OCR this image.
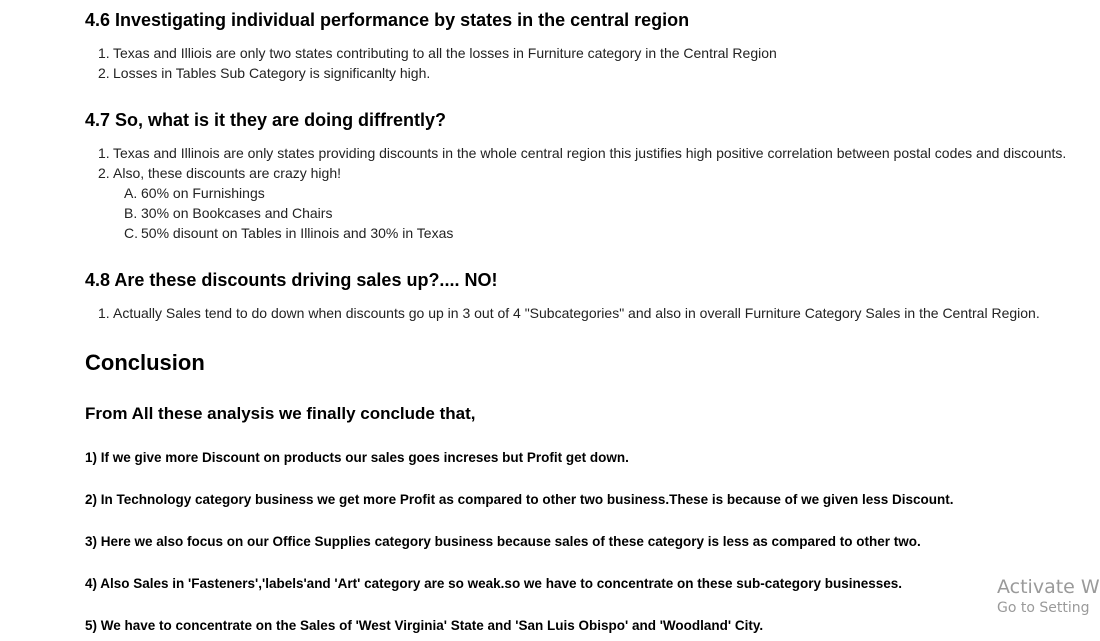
4.6 Investigating individual performance by states in the central region
1. Texas and Illiois are only two states contributing to all the losses in Furniture category in the Central Region
2. Losses in Tables Sub Category is significanlty high.
4.7 So, what is it they are doing diffrently?
1. Texas and Illinois are only states providing discounts in the whole central region this justifies high positive correlation between postal codes and discounts.
2. Also, these discounts are crazy high!
A. 60% on Furnishings
B. 30% on Bookcases and Chairs
C. 50% disount on Tables in Illinois and 30% in Texas
4.8 Are these discounts driving sales up?.... NO!
1. Actually Sales tend to do down when discounts go up in 3 out of 4 "Subcategories" and also in overall Furniture Category Sales in the Central Region.
Conclusion
From All these analysis we finally conclude that,
1) If we give more Discount on products our sales goes increses but Profit get down.
2) In Technology category business we get more Profit as compared to other two business.These is because of we given less Discount.
3) Here we also focus on our Office Supplies category business because sales of these category is less as compared to other two.
4) Also Sales in 'Fasteners','labels'and 'Art' category are so weak.so we have to concentrate on these sub-category businesses.
5) We have to concentrate on the Sales of 'West Virginia' State and 'San Luis Obispo' and 'Woodland' City.
Activate W
Go to Setting
